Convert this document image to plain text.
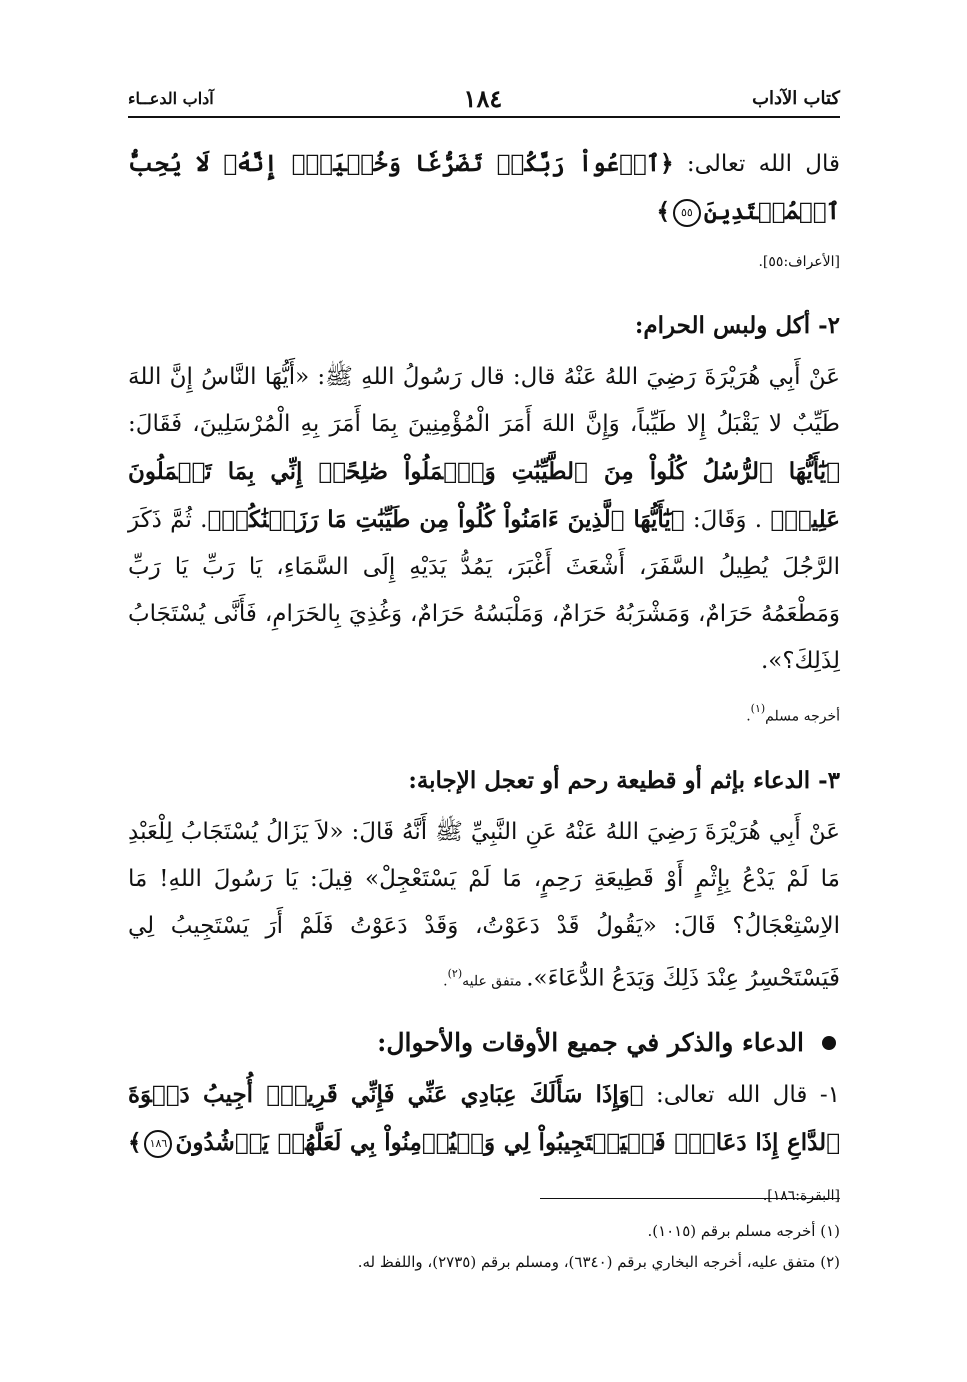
كتاب الآداب
١٨٤
آداب الدعــاء
قال الله تعالى: ﴿ٱدۡعُواْ رَبَّكُمۡ تَضَرُّعٗا وَخُفۡيَةًۚ إِنَّهُۥ لَا يُحِبُّ ٱلۡمُعۡتَدِينَ٥٥﴾
[الأعراف:٥٥].
٢- أكل ولبس الحرام:
عَنْ أَبِي هُرَيْرَةَ رَضِيَ اللهُ عَنْهُ قال: قال رَسُولُ اللهِ ﷺ: «أَيُّهَا النَّاسُ إِنَّ اللهَ طَيِّبٌ لا يَقْبَلُ إِلا طَيِّباً، وَإِنَّ اللهَ أَمَرَ الْمُؤْمِنِينَ بِمَا أَمَرَ بِهِ الْمُرْسَلِينَ، فَقَالَ: ﴿يَٰٓأَيُّهَا ٱلرُّسُلُ كُلُواْ مِنَ ٱلطَّيِّبَٰتِ وَٱعۡمَلُواْ صَٰلِحًاۖ إِنِّي بِمَا تَعۡمَلُونَ عَلِيمٞ﴾ . وَقَالَ: ﴿يَٰٓأَيُّهَا ٱلَّذِينَ ءَامَنُواْ كُلُواْ مِن طَيِّبَٰتِ مَا رَزَقۡنَٰكُمۡ﴾. ثُمَّ ذَكَرَ الرَّجُلَ يُطِيلُ السَّفَرَ، أَشْعَثَ أَغْبَرَ، يَمُدُّ يَدَيْهِ إِلَى السَّمَاءِ، يَا رَبِّ يَا رَبِّ وَمَطْعَمُهُ حَرَامٌ، وَمَشْرَبُهُ حَرَامٌ، وَمَلْبَسُهُ حَرَامٌ، وَغُذِيَ بِالحَرَامِ، فَأَنَّى يُسْتَجَابُ لِذَلِكَ؟».
أخرجه مسلم$^{(١)}$.
٣- الدعاء بإثم أو قطيعة رحم أو تعجل الإجابة:
عَنْ أَبِي هُرَيْرَةَ رَضِيَ اللهُ عَنْهُ عَنِ النَّبِيِّ ﷺ أَنَّهُ قَالَ: «لاَ يَزَالُ يُسْتَجَابُ لِلْعَبْدِ مَا لَمْ يَدْعُ بِإِثْمٍ أَوْ قَطِيعَةِ رَحِمٍ، مَا لَمْ يَسْتَعْجِلْ» قِيلَ: يَا رَسُولَ اللهِ! مَا الاِسْتِعْجَالُ؟ قَالَ: «يَقُولُ قَدْ دَعَوْتُ، وَقَدْ دَعَوْتُ فَلَمْ أَرَ يَسْتَجِيبُ لِي فَيَسْتَحْسِرُ عِنْدَ ذَلِكَ وَيَدَعُ الدُّعَاءَ». متفق عليه$^{(٢)}$.
الدعاء والذكر في جميع الأوقات والأحوال:
١- قال الله تعالى: ﴿وَإِذَا سَأَلَكَ عِبَادِي عَنِّي فَإِنِّي قَرِيبٌۖ أُجِيبُ دَعۡوَةَ ٱلدَّاعِ إِذَا دَعَانِۖ فَلۡيَسۡتَجِيبُواْ لِي وَلۡيُؤۡمِنُواْ بِي لَعَلَّهُمۡ يَرۡشُدُونَ١٨٦﴾ [البقرة:١٨٦].
(١) أخرجه مسلم برقم (١٠١٥).
(٢) متفق عليه، أخرجه البخاري برقم (٦٣٤٠)، ومسلم برقم (٢٧٣٥)، واللفظ له.
